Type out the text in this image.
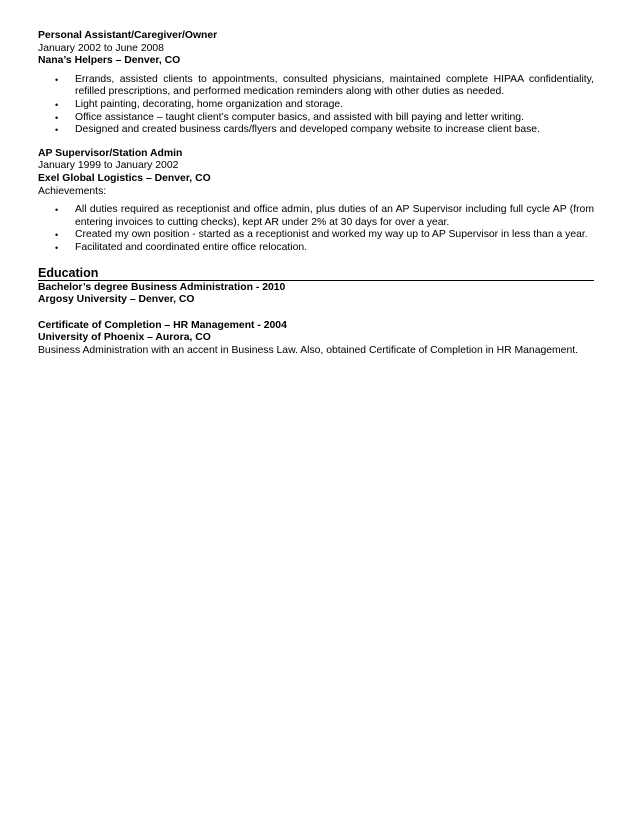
Personal Assistant/Caregiver/Owner
January 2002 to June 2008
Nana’s Helpers – Denver, CO
• Errands, assisted clients to appointments, consulted physicians, maintained complete HIPAA confidentiality, refilled prescriptions, and performed medication reminders along with other duties as needed.
• Light painting, decorating, home organization and storage.
• Office assistance – taught client’s computer basics, and assisted with bill paying and letter writing.
• Designed and created business cards/flyers and developed company website to increase client base.
AP Supervisor/Station Admin
January 1999 to January 2002
Exel Global Logistics – Denver, CO
Achievements:
• All duties required as receptionist and office admin, plus duties of an AP Supervisor including full cycle AP (from entering invoices to cutting checks), kept AR under 2% at 30 days for over a year.
• Created my own position - started as a receptionist and worked my way up to AP Supervisor in less than a year.
• Facilitated and coordinated entire office relocation.
Education
Bachelor’s degree Business Administration - 2010
Argosy University – Denver, CO
Certificate of Completion – HR Management - 2004
University of Phoenix – Aurora, CO
Business Administration with an accent in Business Law. Also, obtained Certificate of Completion in HR Management.
